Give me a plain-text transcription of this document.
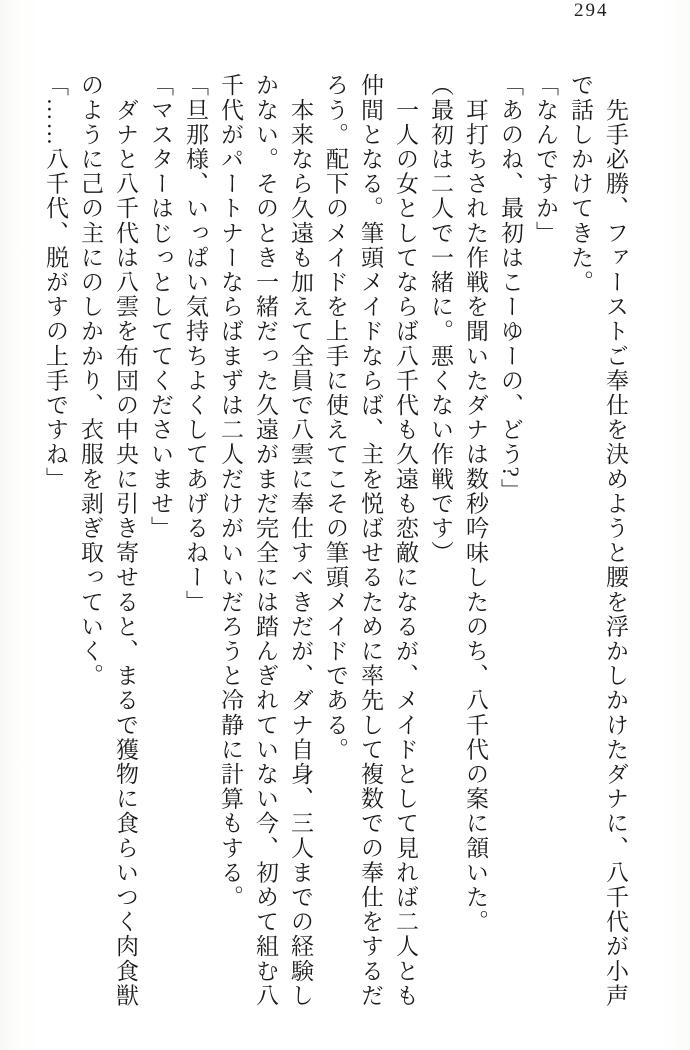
294

　先手必勝、ファーストご奉仕を決めようと腰を浮かしかけたダナに、八千代が小声で話しかけてきた。

「なんですか」

「あのね、最初はこーゆーの、どう?」

　耳打ちされた作戦を聞いたダナは数秒吟味したのち、八千代の案に頷いた。

（最初は二人で一緒に。悪くない作戦です）

　一人の女としてならば八千代も久遠も恋敵になるが、メイドとして見れば二人とも仲間となる。筆頭メイドならば、主を悦ばせるために率先して複数での奉仕をするだろう。配下のメイドを上手に使えてこその筆頭メイドである。

　本来なら久遠も加えて全員で八雲に奉仕すべきだが、ダナ自身、三人までの経験しかない。そのとき一緒だった久遠がまだ完全には踏んぎれていない今、初めて組む八千代がパートナーならばまずは二人だけがいいだろうと冷静に計算もする。

「旦那様、いっぱい気持ちよくしてあげるねー」

「マスターはじっとしててくださいませ」

　ダナと八千代は八雲を布団の中央に引き寄せると、まるで獲物に食らいつく肉食獣のように己の主にのしかかり、衣服を剥ぎ取っていく。

「……八千代、脱がすの上手ですね」
